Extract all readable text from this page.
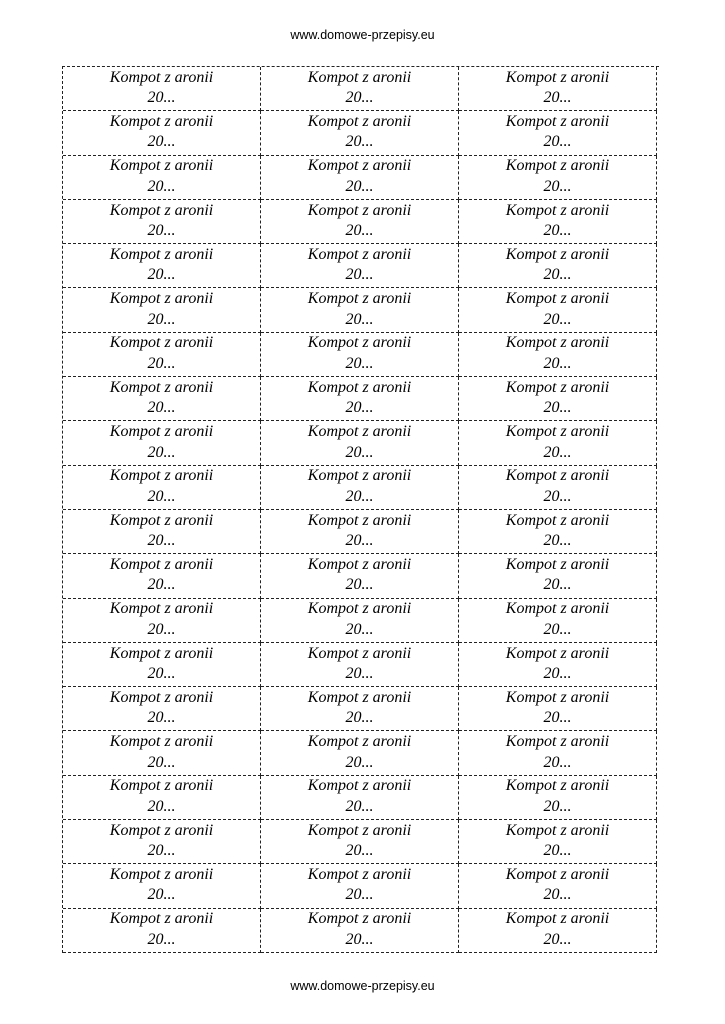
www.domowe-przepisy.eu
Kompot z aronii
20...
Kompot z aronii
20...
Kompot z aronii
20...
Kompot z aronii
20...
Kompot z aronii
20...
Kompot z aronii
20...
Kompot z aronii
20...
Kompot z aronii
20...
Kompot z aronii
20...
Kompot z aronii
20...
Kompot z aronii
20...
Kompot z aronii
20...
Kompot z aronii
20...
Kompot z aronii
20...
Kompot z aronii
20...
Kompot z aronii
20...
Kompot z aronii
20...
Kompot z aronii
20...
Kompot z aronii
20...
Kompot z aronii
20...
Kompot z aronii
20...
Kompot z aronii
20...
Kompot z aronii
20...
Kompot z aronii
20...
Kompot z aronii
20...
Kompot z aronii
20...
Kompot z aronii
20...
Kompot z aronii
20...
Kompot z aronii
20...
Kompot z aronii
20...
Kompot z aronii
20...
Kompot z aronii
20...
Kompot z aronii
20...
Kompot z aronii
20...
Kompot z aronii
20...
Kompot z aronii
20...
Kompot z aronii
20...
Kompot z aronii
20...
Kompot z aronii
20...
Kompot z aronii
20...
Kompot z aronii
20...
Kompot z aronii
20...
Kompot z aronii
20...
Kompot z aronii
20...
Kompot z aronii
20...
Kompot z aronii
20...
Kompot z aronii
20...
Kompot z aronii
20...
Kompot z aronii
20...
Kompot z aronii
20...
Kompot z aronii
20...
Kompot z aronii
20...
Kompot z aronii
20...
Kompot z aronii
20...
Kompot z aronii
20...
Kompot z aronii
20...
Kompot z aronii
20...
Kompot z aronii
20...
Kompot z aronii
20...
Kompot z aronii
20...
www.domowe-przepisy.eu
